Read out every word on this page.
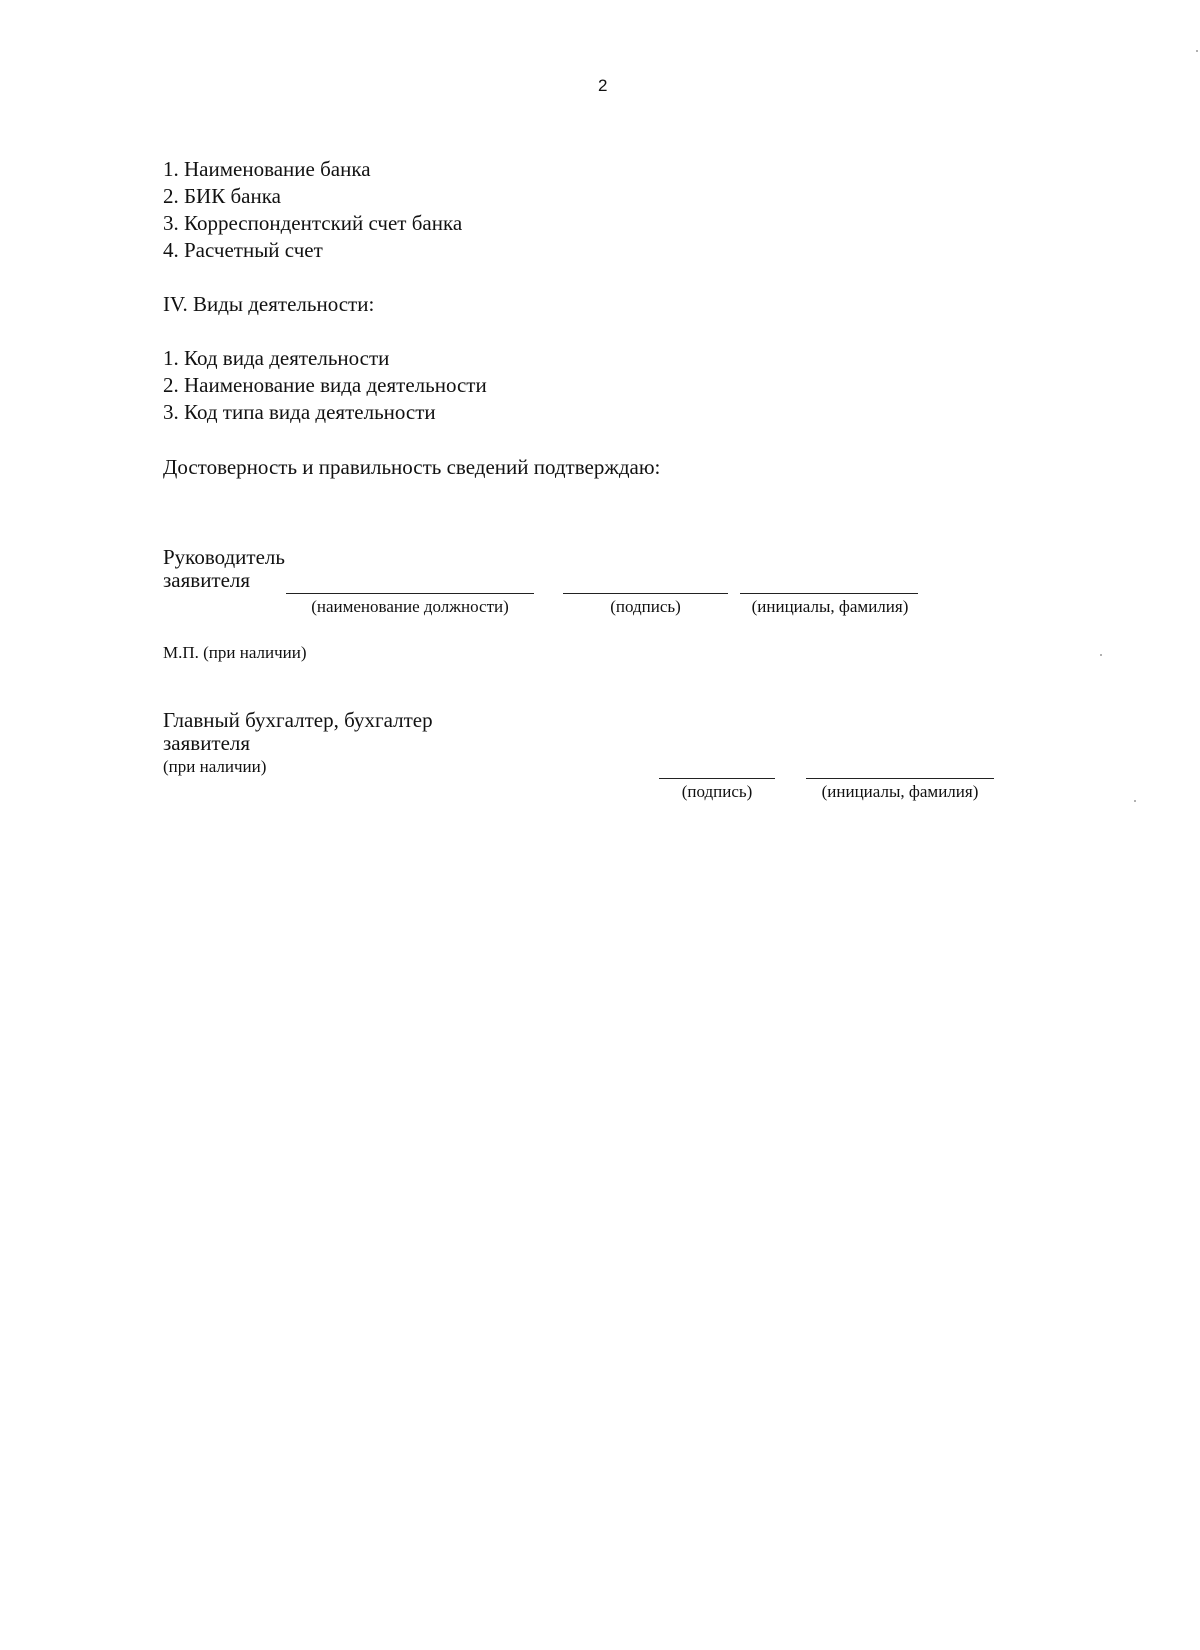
2
1. Наименование банка
2. БИК банка
3. Корреспондентский счет банка
4. Расчетный счет
IV. Виды деятельности:
1. Код вида деятельности
2. Наименование вида деятельности
3. Код типа вида деятельности
Достоверность и правильность сведений подтверждаю:
Руководитель
заявителя
(наименование должности)	(подпись)	(инициалы, фамилия)
М.П. (при наличии)
Главный бухгалтер, бухгалтер
заявителя
(при наличии)
(подпись)	(инициалы, фамилия)
